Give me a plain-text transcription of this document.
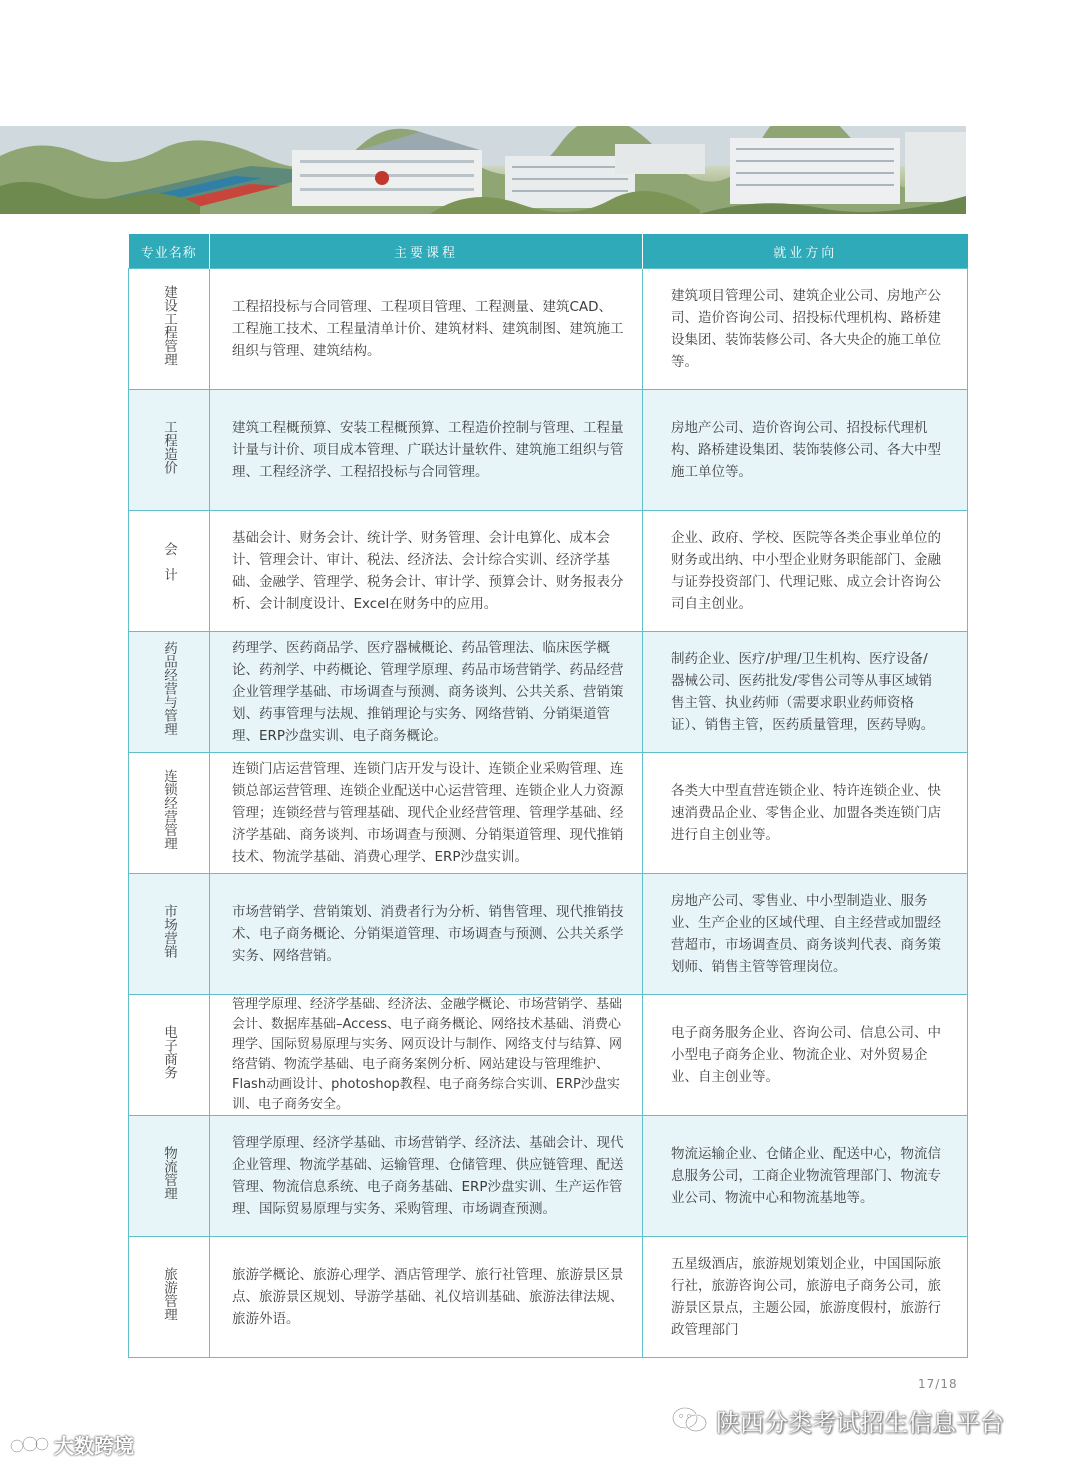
专业名称	主要课程	就业方向
建设工程管理	工程招投标与合同管理、工程项目管理、工程测量、建筑CAD、工程施工技术、工程量清单计价、建筑材料、建筑制图、建筑施工组织与管理、建筑结构。	建筑项目管理公司、建筑企业公司、房地产公司、造价咨询公司、招投标代理机构、路桥建设集团、装饰装修公司、各大央企的施工单位等。
工程造价	建筑工程概预算、安装工程概预算、工程造价控制与管理、工程量计量与计价、项目成本管理、广联达计量软件、建筑施工组织与管理、工程经济学、工程招投标与合同管理。	房地产公司、造价咨询公司、招投标代理机构、路桥建设集团、装饰装修公司、各大中型施工单位等。
会计	基础会计、财务会计、统计学、财务管理、会计电算化、成本会计、管理会计、审计、税法、经济法、会计综合实训、经济学基础、金融学、管理学、税务会计、审计学、预算会计、财务报表分析、会计制度设计、Excel在财务中的应用。	企业、政府、学校、医院等各类企事业单位的财务或出纳、中小型企业财务职能部门、金融与证券投资部门、代理记账、成立会计咨询公司自主创业。
药品经营与管理	药理学、医药商品学、医疗器械概论、药品管理法、临床医学概论、药剂学、中药概论、管理学原理、药品市场营销学、药品经营企业管理学基础、市场调查与预测、商务谈判、公共关系、营销策划、药事管理与法规、推销理论与实务、网络营销、分销渠道管理、ERP沙盘实训、电子商务概论。	制药企业、医疗/护理/卫生机构、医疗设备/器械公司、医药批发/零售公司等从事区域销售主管、执业药师（需要求职业药师资格证）、销售主管，医药质量管理，医药导购。
连锁经营管理	连锁门店运营管理、连锁门店开发与设计、连锁企业采购管理、连锁总部运营管理、连锁企业配送中心运营管理、连锁企业人力资源管理；连锁经营与管理基础、现代企业经营管理、管理学基础、经济学基础、商务谈判、市场调查与预测、分销渠道管理、现代推销技术、物流学基础、消费心理学、ERP沙盘实训。	各类大中型直营连锁企业、特许连锁企业、快速消费品企业、零售企业、加盟各类连锁门店进行自主创业等。
市场营销	市场营销学、营销策划、消费者行为分析、销售管理、现代推销技术、电子商务概论、分销渠道管理、市场调查与预测、公共关系学实务、网络营销。	房地产公司、零售业、中小型制造业、服务业、生产企业的区域代理、自主经营或加盟经营超市，市场调查员、商务谈判代表、商务策划师、销售主管等管理岗位。
电子商务	管理学原理、经济学基础、经济法、金融学概论、市场营销学、基础会计、数据库基础–Access、电子商务概论、网络技术基础、消费心理学、国际贸易原理与实务、网页设计与制作、网络支付与结算、网络营销、物流学基础、电子商务案例分析、网站建设与管理维护、Flash动画设计、photoshop教程、电子商务综合实训、ERP沙盘实训、电子商务安全。	电子商务服务企业、咨询公司、信息公司、中小型电子商务企业、物流企业、对外贸易企业、自主创业等。
物流管理	管理学原理、经济学基础、市场营销学、经济法、基础会计、现代企业管理、物流学基础、运输管理、仓储管理、供应链管理、配送管理、物流信息系统、电子商务基础、ERP沙盘实训、生产运作管理、国际贸易原理与实务、采购管理、市场调查预测。	物流运输企业、仓储企业、配送中心，物流信息服务公司，工商企业物流管理部门、物流专业公司、物流中心和物流基地等。
旅游管理	旅游学概论、旅游心理学、酒店管理学、旅行社管理、旅游景区景点、旅游景区规划、导游学基础、礼仪培训基础、旅游法律法规、旅游外语。	五星级酒店，旅游规划策划企业，中国国际旅行社，旅游咨询公司，旅游电子商务公司，旅游景区景点，主题公园，旅游度假村，旅游行政管理部门
17/18
陕西分类考试招生信息平台
大数跨境
